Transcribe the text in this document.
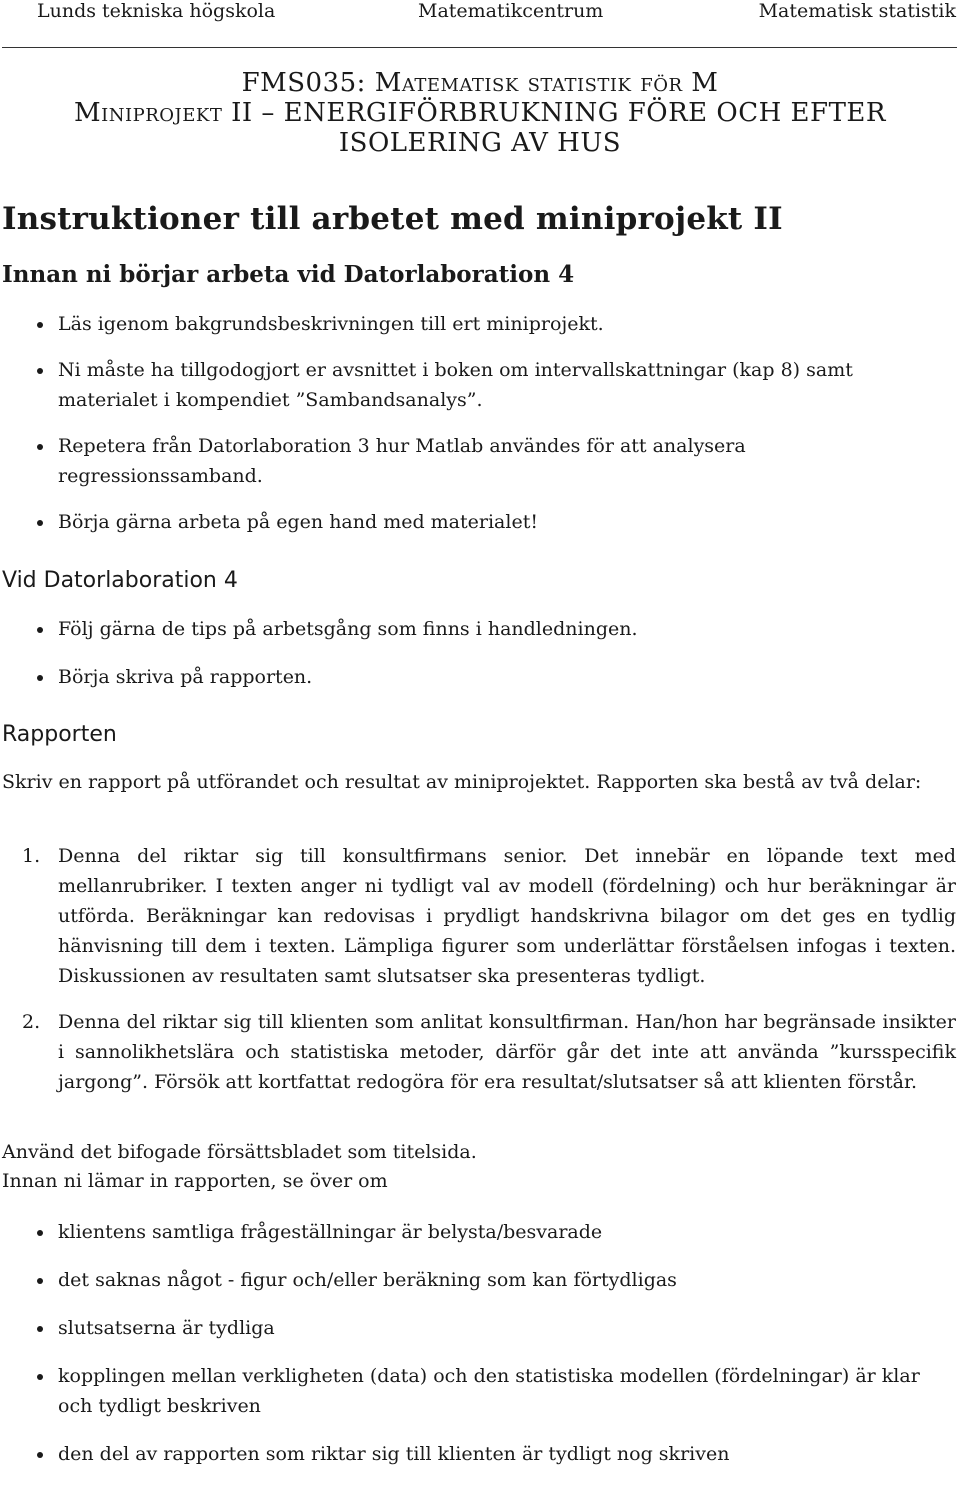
Lunds tekniska högskola	Matematikcentrum	Matematisk statistik
FMS035: Matematisk statistik för M
Miniprojekt II – ENERGIFÖRBRUKNING FÖRE OCH EFTER
ISOLERING AV HUS
Instruktioner till arbetet med miniprojekt II
Innan ni börjar arbeta vid Datorlaboration 4
Läs igenom bakgrundsbeskrivningen till ert miniprojekt.
Ni måste ha tillgodogjort er avsnittet i boken om intervallskattningar (kap 8) samt materialet i kompendiet ”Sambandsanalys”.
Repetera från Datorlaboration 3 hur Matlab användes för att analysera regressionssamband.
Börja gärna arbeta på egen hand med materialet!
Vid Datorlaboration 4
Följ gärna de tips på arbetsgång som finns i handledningen.
Börja skriva på rapporten.
Rapporten

Skriv en rapport på utförandet och resultat av miniprojektet. Rapporten ska bestå av två delar:

1. Denna del riktar sig till konsultfirmans senior. Det innebär en löpande text med mellanrubriker. I texten anger ni tydligt val av modell (fördelning) och hur beräkningar är utförda. Beräkningar kan redovisas i prydligt handskrivna bilagor om det ges en tydlig hänvisning till dem i texten. Lämpliga figurer som underlättar förståelsen infogas i texten. Diskussionen av resultaten samt slutsatser ska presenteras tydligt.
2. Denna del riktar sig till klienten som anlitat konsultfirman. Han/hon har begränsade insikter i sannolikhetslära och statistiska metoder, därför går det inte att använda ”kursspecifik jargong”. Försök att kortfattat redogöra för era resultat/slutsatser så att klienten förstår.

Använd det bifogade försättsbladet som titelsida.

Innan ni lämar in rapporten, se över om

klientens samtliga frågeställningar är belysta/besvarade
det saknas något - figur och/eller beräkning som kan förtydligas
slutsatserna är tydliga
kopplingen mellan verkligheten (data) och den statistiska modellen (fördelningar) är klar och tydligt beskriven
den del av rapporten som riktar sig till klienten är tydligt nog skriven
